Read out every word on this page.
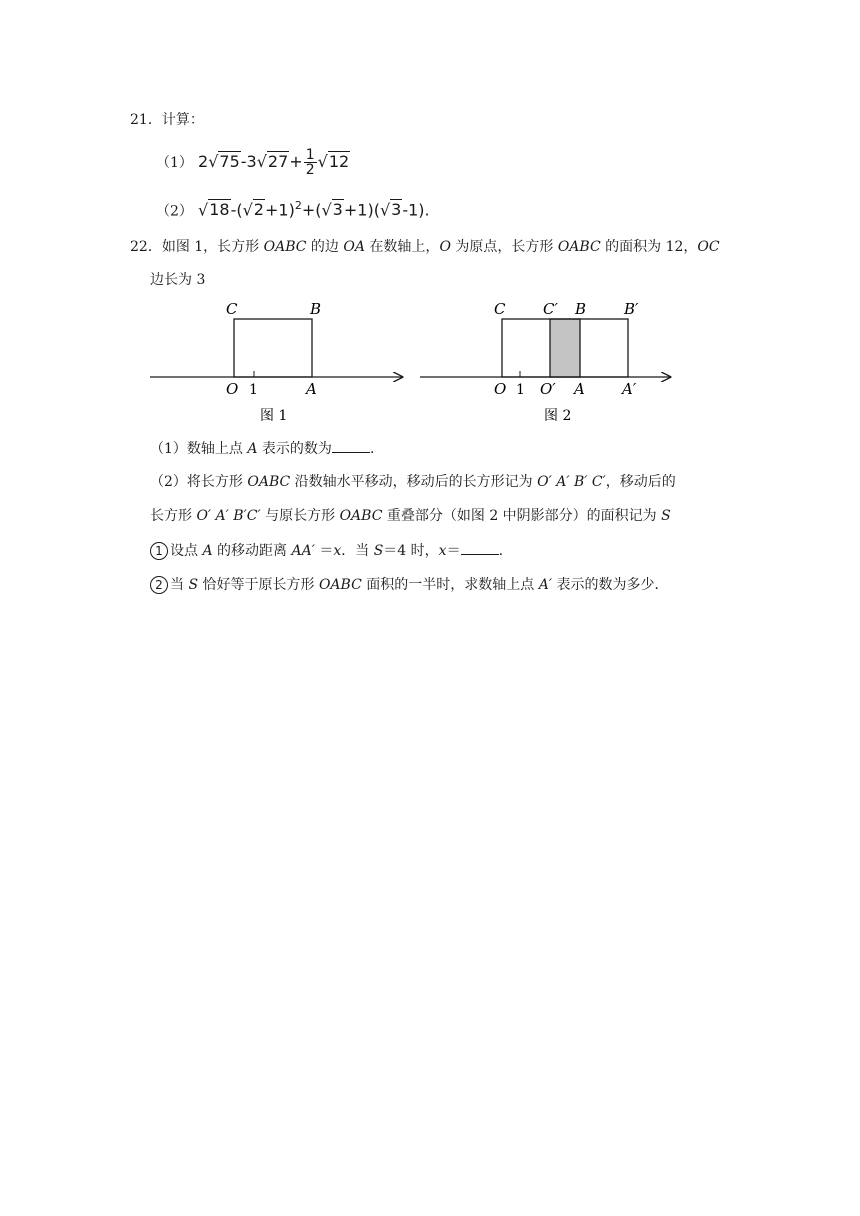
21．计算：
（1） $2√75-3√27+ \frac{1}{2} √12$
（2） $√18-(√2+1)^2+(√3+1)(√3-1)$.
22．如图 1，长方形 OABC 的边 OA 在数轴上，O 为原点，长方形 OABC 的面积为 12，OC
边长为 3
C	B
O 1	A
图 1
C	C′ B	B′
O 1 O′ A A′
图 2
（1）数轴上点 A 表示的数为	.
（2）将长方形 OABC 沿数轴水平移动，移动后的长方形记为 O′ A′ B′ C′，移动后的
长方形 O′ A′ B′C′ 与原长方形 OABC 重叠部分（如图 2 中阴影部分）的面积记为 S
1 设点 A 的移动距离 AA′ ＝x．当 S＝4 时，x＝	.
2 当 S 恰好等于原长方形 OABC 面积的一半时，求数轴上点 A′ 表示的数为多少．
